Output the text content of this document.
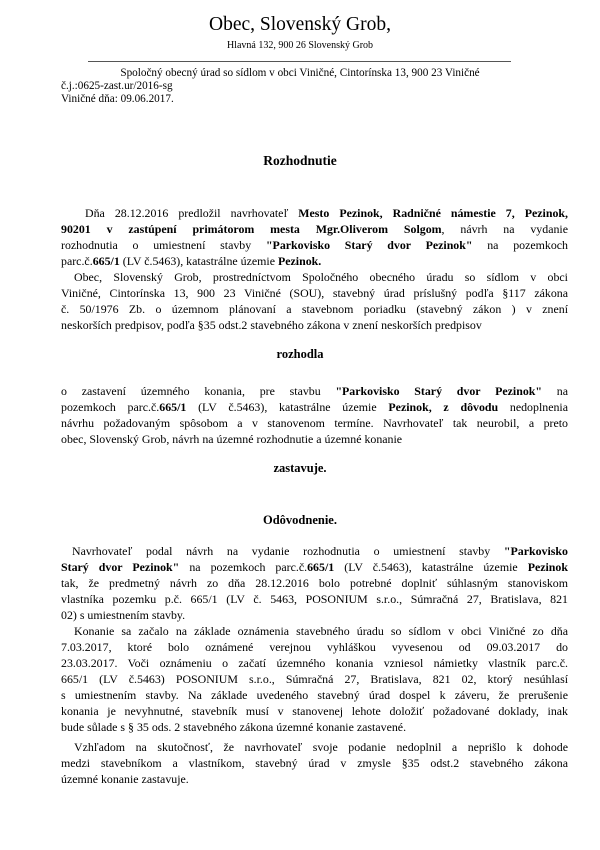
Obec, Slovenský Grob,
Hlavná 132, 900 26 Slovenský Grob
Spoločný obecný úrad so sídlom v obci Viničné, Cintorínska 13, 900 23 Viničné
č.j.:0625-zast.ur/2016-sg
Viničné dňa: 09.06.2017.
Rozhodnutie
Dňa 28.12.2016 predložil navrhovateľ Mesto Pezinok, Radničné námestie 7, Pezinok,
90201 v zastúpení primátorom mesta Mgr.Oliverom Solgom, návrh na vydanie
rozhodnutia o umiestnení stavby "Parkovisko Starý dvor Pezinok" na pozemkoch
parc.č.665/1 (LV č.5463), katastrálne územie Pezinok.
Obec, Slovenský Grob, prostredníctvom Spoločného obecného úradu so sídlom v obci
Viničné, Cintorínska 13, 900 23 Viničné (SOU), stavebný úrad príslušný podľa §117 zákona
č. 50/1976 Zb. o územnom plánovaní a stavebnom poriadku (stavebný zákon ) v znení
neskorších predpisov, podľa §35 odst.2 stavebného zákona v znení neskorších predpisov
rozhodla
o zastavení územného konania, pre stavbu "Parkovisko Starý dvor Pezinok" na
pozemkoch parc.č.665/1 (LV č.5463), katastrálne územie Pezinok, z dôvodu nedoplnenia
návrhu požadovaným spôsobom a v stanovenom termíne. Navrhovateľ tak neurobil, a preto
obec, Slovenský Grob, návrh na územné rozhodnutie a územné konanie
zastavuje.
Odôvodnenie.
Navrhovateľ podal návrh na vydanie rozhodnutia o umiestnení stavby "Parkovisko
Starý dvor Pezinok" na pozemkoch parc.č.665/1 (LV č.5463), katastrálne územie Pezinok
tak, že predmetný návrh zo dňa 28.12.2016 bolo potrebné doplniť súhlasným stanoviskom
vlastníka pozemku p.č. 665/1 (LV č. 5463, POSONIUM s.r.o., Súmračná 27, Bratislava, 821
02) s umiestnením stavby.
Konanie sa začalo na základe oznámenia stavebného úradu so sídlom v obci Viničné zo dňa
7.03.2017, ktoré bolo oznámené verejnou vyhláškou vyvesenou od 09.03.2017 do
23.03.2017. Voči oznámeniu o začatí územného konania vzniesol námietky vlastník parc.č.
665/1 (LV č.5463) POSONIUM s.r.o., Súmračná 27, Bratislava, 821 02, ktorý nesúhlasí
s umiestnením stavby. Na základe uvedeného stavebný úrad dospel k záveru, že prerušenie
konania je nevyhnutné, stavebník musí v stanovenej lehote doložiť požadované doklady, inak
bude sůlade s § 35 ods. 2 stavebného zákona územné konanie zastavené.
Vzhľadom na skutočnosť, že navrhovateľ svoje podanie nedoplnil a neprišlo k dohode
medzi stavebníkom a vlastníkom, stavebný úrad v zmysle §35 odst.2 stavebného zákona
územné konanie zastavuje.
